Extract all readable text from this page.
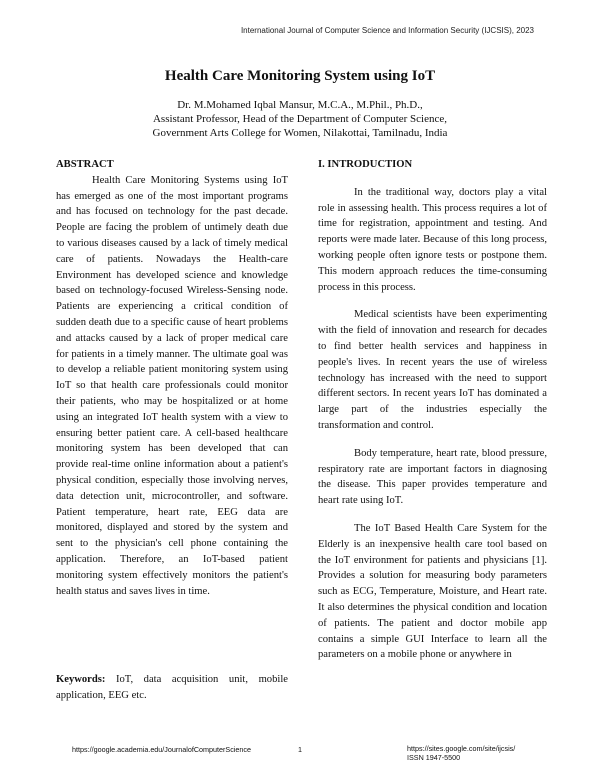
International Journal of Computer Science and Information Security (IJCSIS), 2023
Health Care Monitoring System using IoT
Dr. M.Mohamed Iqbal Mansur, M.C.A., M.Phil., Ph.D.,
Assistant Professor, Head of the Department of Computer Science,
Government Arts College for Women, Nilakottai, Tamilnadu, India
ABSTRACT

Health Care Monitoring Systems using IoT has emerged as one of the most important programs and has focused on technology for the past decade. People are facing the problem of untimely death due to various diseases caused by a lack of timely medical care of patients. Nowadays the Health-care Environment has developed science and knowledge based on technology-focused Wireless-Sensing node. Patients are experiencing a critical condition of sudden death due to a specific cause of heart problems and attacks caused by a lack of proper medical care for patients in a timely manner. The ultimate goal was to develop a reliable patient monitoring system using IoT so that health care professionals could monitor their patients, who may be hospitalized or at home using an integrated IoT health system with a view to ensuring better patient care. A cell-based healthcare monitoring system has been developed that can provide real-time online information about a patient's physical condition, especially those involving nerves, data detection unit, microcontroller, and software. Patient temperature, heart rate, EEG data are monitored, displayed and stored by the system and sent to the physician's cell phone containing the application. Therefore, an IoT-based patient monitoring system effectively monitors the patient's health status and saves lives in time.

Keywords: IoT, data acquisition unit, mobile application, EEG etc.
I. INTRODUCTION

In the traditional way, doctors play a vital role in assessing health. This process requires a lot of time for registration, appointment and testing. And reports were made later. Because of this long process, working people often ignore tests or postpone them. This modern approach reduces the time-consuming process in this process.

Medical scientists have been experimenting with the field of innovation and research for decades to find better health services and happiness in people's lives. In recent years the use of wireless technology has increased with the need to support different sectors. In recent years IoT has dominated a large part of the industries especially the transformation and control.

Body temperature, heart rate, blood pressure, respiratory rate are important factors in diagnosing the disease. This paper provides temperature and heart rate using IoT.

The IoT Based Health Care System for the Elderly is an inexpensive health care tool based on the IoT environment for patients and physicians [1]. Provides a solution for measuring body parameters such as ECG, Temperature, Moisture, and Heart rate. It also determines the physical condition and location of patients. The patient and doctor mobile app contains a simple GUI Interface to learn all the parameters on a mobile phone or anywhere in

https://google.academia.edu/JournalofComputerScience	1	https://sites.google.com/site/ijcsis/
ISSN 1947-5500
